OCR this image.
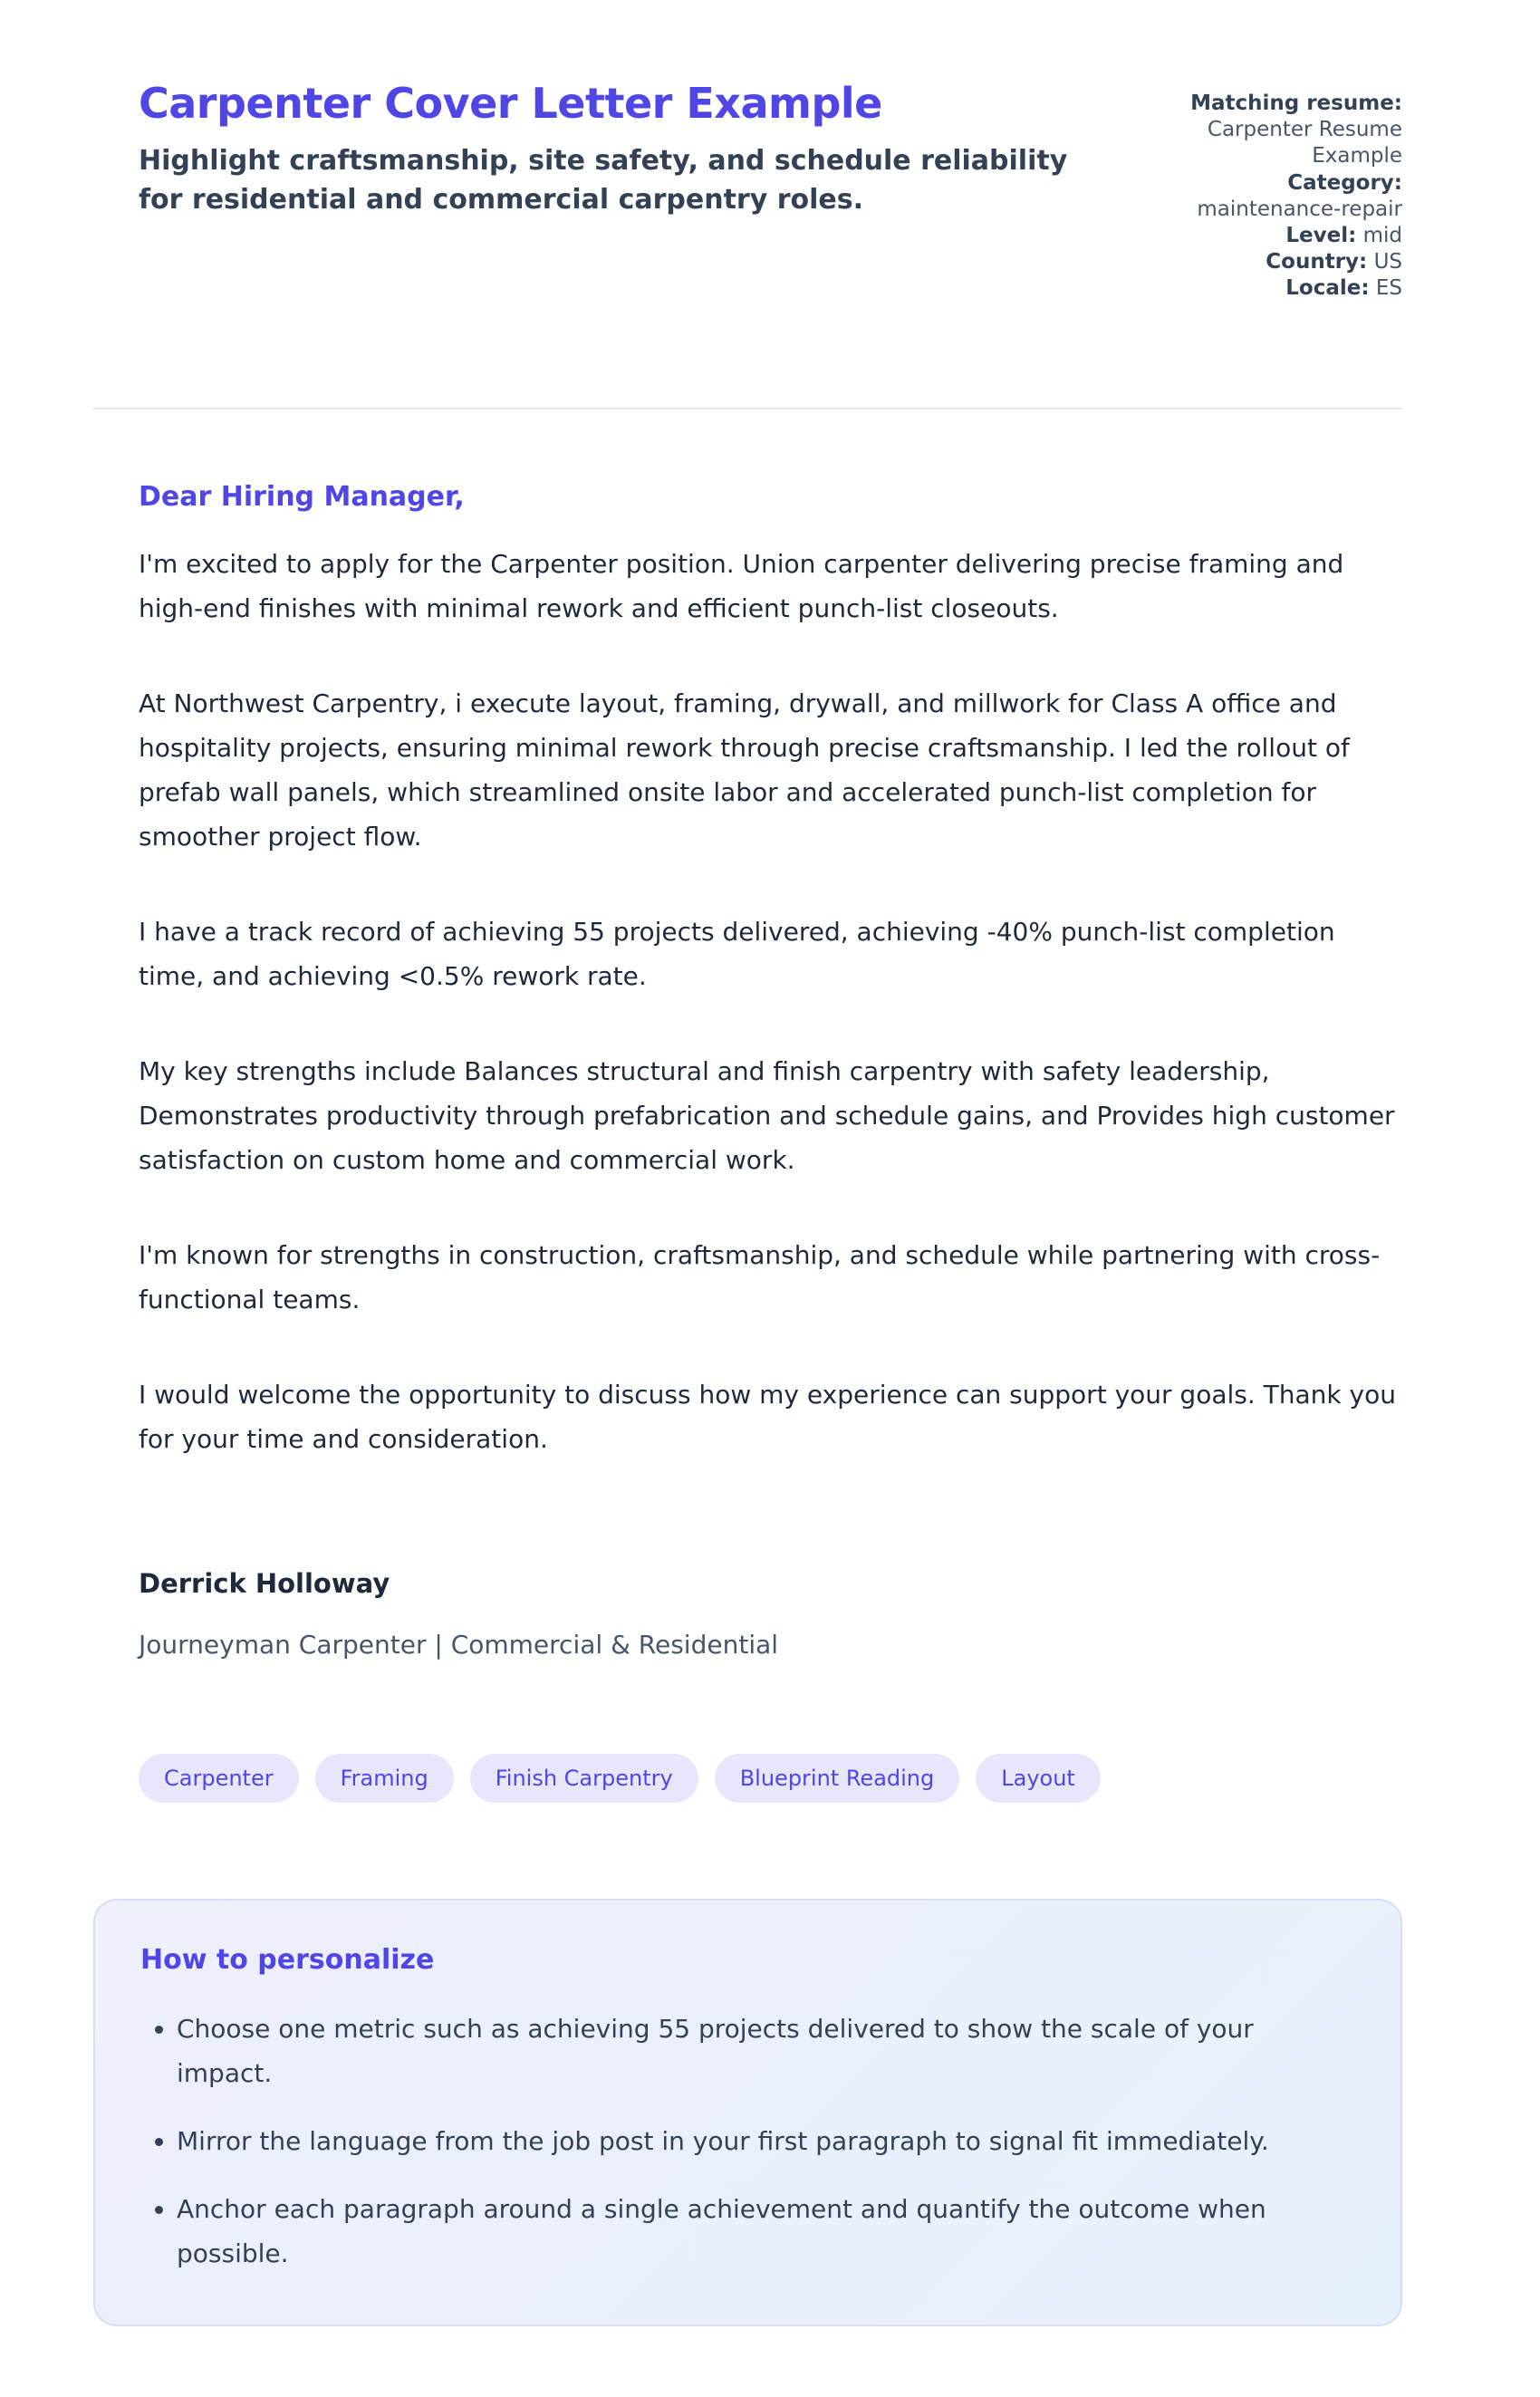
Carpenter Cover Letter Example

Highlight craftsmanship, site safety, and schedule reliability for residential and commercial carpentry roles.

Matching resume: Carpenter Resume Example
Category: maintenance-repair
Level: mid
Country: US
Locale: ES
Dear Hiring Manager,

I'm excited to apply for the Carpenter position. Union carpenter delivering precise framing and high-end finishes with minimal rework and efficient punch-list closeouts.

At Northwest Carpentry, i execute layout, framing, drywall, and millwork for Class A office and hospitality projects, ensuring minimal rework through precise craftsmanship. I led the rollout of prefab wall panels, which streamlined onsite labor and accelerated punch-list completion for smoother project flow.

I have a track record of achieving 55 projects delivered, achieving -40% punch-list completion time, and achieving <0.5% rework rate.

My key strengths include Balances structural and finish carpentry with safety leadership, Demonstrates productivity through prefabrication and schedule gains, and Provides high customer satisfaction on custom home and commercial work.

I'm known for strengths in construction, craftsmanship, and schedule while partnering with cross-functional teams.

I would welcome the opportunity to discuss how my experience can support your goals. Thank you for your time and consideration.

Derrick Holloway

Journeyman Carpenter | Commercial & Residential

Carpenter	Framing	Finish Carpentry	Blueprint Reading	Layout
How to personalize
• Choose one metric such as achieving 55 projects delivered to show the scale of your impact.
• Mirror the language from the job post in your first paragraph to signal fit immediately.
• Anchor each paragraph around a single achievement and quantify the outcome when possible.
